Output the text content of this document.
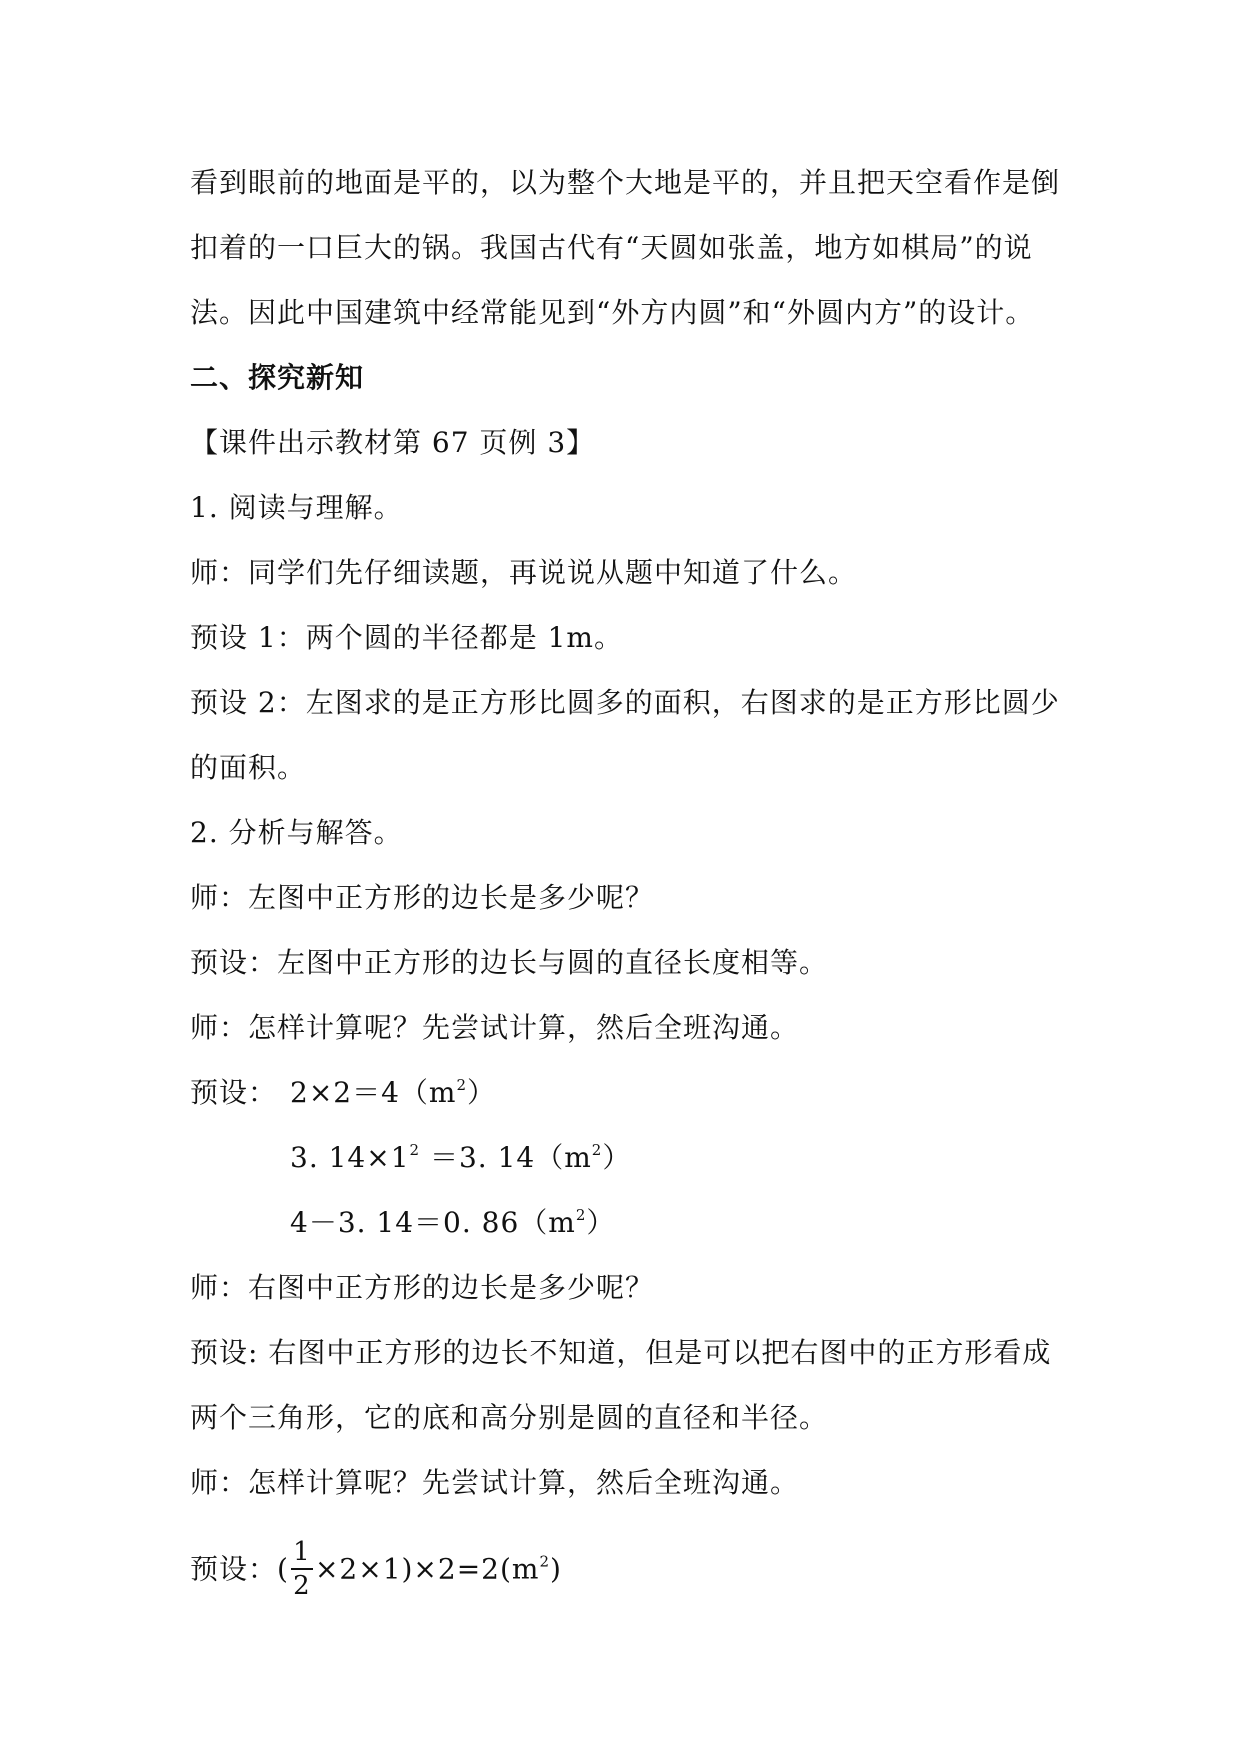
看到眼前的地面是平的，以为整个大地是平的，并且把天空看作是倒
扣着的一口巨大的锅。我国古代有“天圆如张盖，地方如棋局”的说
法。因此中国建筑中经常能见到“外方内圆”和“外圆内方”的设计。
二、探究新知
【课件出示教材第 67 页例 3】
1. 阅读与理解。
师：同学们先仔细读题，再说说从题中知道了什么。
预设 1：两个圆的半径都是 1m。
预设 2：左图求的是正方形比圆多的面积，右图求的是正方形比圆少
的面积。
2. 分析与解答。
师：左图中正方形的边长是多少呢？
预设：左图中正方形的边长与圆的直径长度相等。
师：怎样计算呢？先尝试计算，然后全班沟通。
预设： $2\times 2=4(m^2)$
3. $14\times 1^2 =3$. $14(m^2)$
4－3. 14＝0. $86(m^2)$
师：右图中正方形的边长是多少呢？
预设: 右图中正方形的边长不知道，但是可以把右图中的正方形看成
两个三角形，它的底和高分别是圆的直径和半径。
师：怎样计算呢？先尝试计算，然后全班沟通。
预设：( $\frac{1}{2} \times 2\times 1)\times 2=2(m^2)$
